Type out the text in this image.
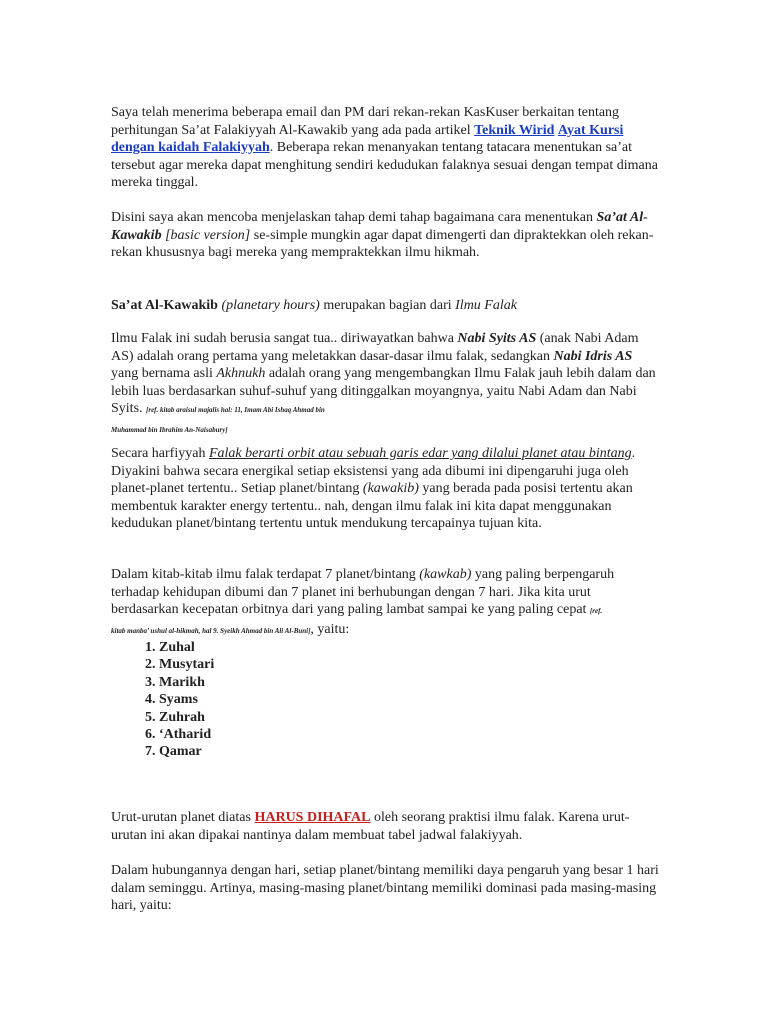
Saya telah menerima beberapa email dan PM dari rekan-rekan KasKuser berkaitan tentang perhitungan Sa’at Falakiyyah Al-Kawakib yang ada pada artikel Teknik Wirid Ayat Kursi dengan kaidah Falakiyyah. Beberapa rekan menanyakan tentang tatacara menentukan sa’at tersebut agar mereka dapat menghitung sendiri kedudukan falaknya sesuai dengan tempat dimana mereka tinggal.

Disini saya akan mencoba menjelaskan tahap demi tahap bagaimana cara menentukan Sa’at Al-Kawakib [basic version] se-simple mungkin agar dapat dimengerti dan dipraktekkan oleh rekan-rekan khususnya bagi mereka yang mempraktekkan ilmu hikmah.

Sa’at Al-Kawakib (planetary hours) merupakan bagian dari Ilmu Falak

Ilmu Falak ini sudah berusia sangat tua.. diriwayatkan bahwa Nabi Syits AS (anak Nabi Adam AS) adalah orang pertama yang meletakkan dasar-dasar ilmu falak, sedangkan Nabi Idris AS yang bernama asli Akhnukh adalah orang yang mengembangkan Ilmu Falak jauh lebih dalam dan lebih luas berdasarkan suhuf-suhuf yang ditinggalkan moyangnya, yaitu Nabi Adam dan Nabi Syits. [ref. kitab araisul majalis hal: 11, Imam Abi Ishaq Ahmad bin
Muhammad bin Ibrahim An-Naisabury]

Secara harfiyyah Falak berarti orbit atau sebuah garis edar yang dilalui planet atau bintang. Diyakini bahwa secara energikal setiap eksistensi yang ada dibumi ini dipengaruhi juga oleh planet-planet tertentu.. Setiap planet/bintang (kawakib) yang berada pada posisi tertentu akan membentuk karakter energy tertentu.. nah, dengan ilmu falak ini kita dapat menggunakan kedudukan planet/bintang tertentu untuk mendukung tercapainya tujuan kita.

Dalam kitab-kitab ilmu falak terdapat 7 planet/bintang (kawkab) yang paling berpengaruh terhadap kehidupan dibumi dan 7 planet ini berhubungan dengan 7 hari. Jika kita urut berdasarkan kecepatan orbitnya dari yang paling lambat sampai ke yang paling cepat [ref.
kitab manba’ ushul al-hikmah, hal 9. Syeikh Ahmad bin Ali Al-Buni], yaitu:

1. Zuhal
2. Musytari
3. Marikh
4. Syams
5. Zuhrah
6. ‘Atharid
7. Qamar

Urut-urutan planet diatas HARUS DIHAFAL oleh seorang praktisi ilmu falak. Karena urut-urutan ini akan dipakai nantinya dalam membuat tabel jadwal falakiyyah.

Dalam hubungannya dengan hari, setiap planet/bintang memiliki daya pengaruh yang besar 1 hari dalam seminggu. Artinya, masing-masing planet/bintang memiliki dominasi pada masing-masing hari, yaitu:
